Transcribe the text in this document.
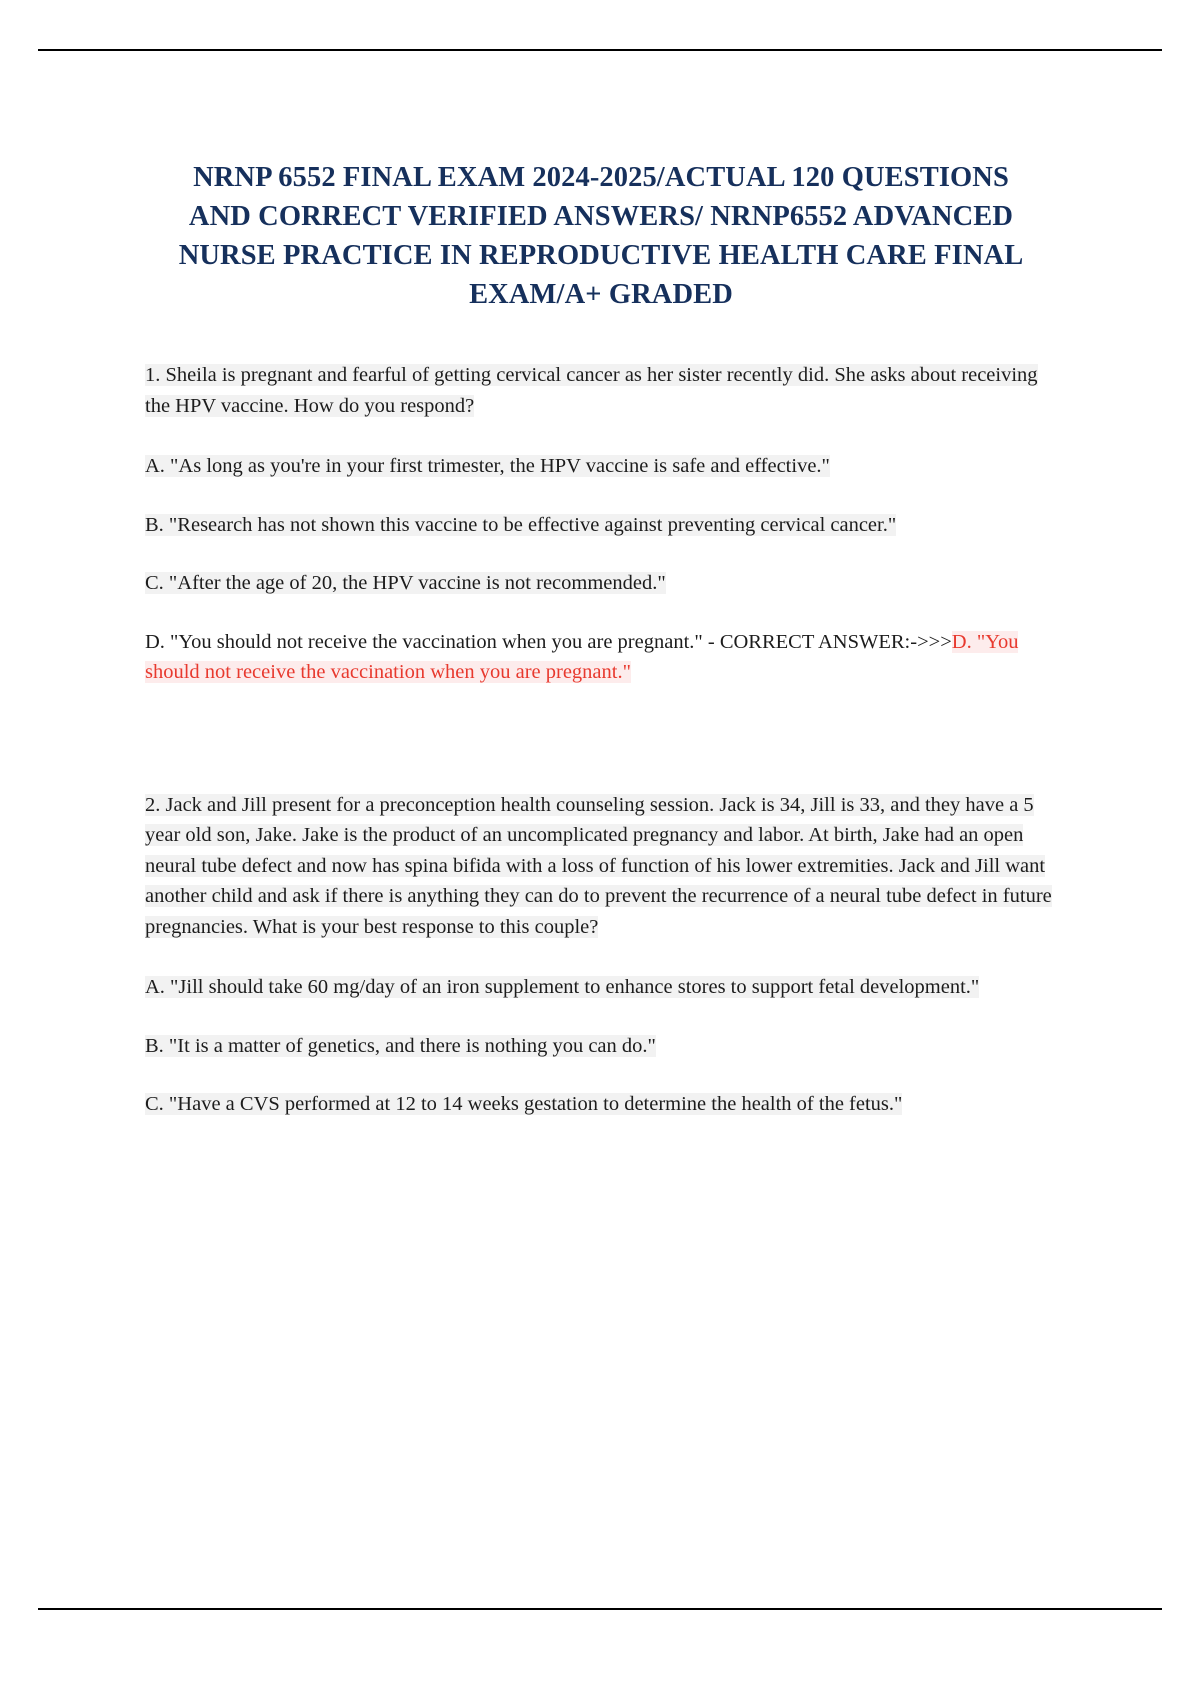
NRNP 6552 FINAL EXAM 2024-2025/ACTUAL 120 QUESTIONS AND CORRECT VERIFIED ANSWERS/ NRNP6552 ADVANCED NURSE PRACTICE IN REPRODUCTIVE HEALTH CARE FINAL EXAM/A+ GRADED

1. Sheila is pregnant and fearful of getting cervical cancer as her sister recently did. She asks about receiving the HPV vaccine. How do you respond?

A. "As long as you're in your first trimester, the HPV vaccine is safe and effective."

B. "Research has not shown this vaccine to be effective against preventing cervical cancer."

C. "After the age of 20, the HPV vaccine is not recommended."

D. "You should not receive the vaccination when you are pregnant." - CORRECT ANSWER:->>>D. "You should not receive the vaccination when you are pregnant."

2. Jack and Jill present for a preconception health counseling session. Jack is 34, Jill is 33, and they have a 5 year old son, Jake. Jake is the product of an uncomplicated pregnancy and labor. At birth, Jake had an open neural tube defect and now has spina bifida with a loss of function of his lower extremities. Jack and Jill want another child and ask if there is anything they can do to prevent the recurrence of a neural tube defect in future pregnancies. What is your best response to this couple?

A. "Jill should take 60 mg/day of an iron supplement to enhance stores to support fetal development."

B. "It is a matter of genetics, and there is nothing you can do."

C. "Have a CVS performed at 12 to 14 weeks gestation to determine the health of the fetus."
